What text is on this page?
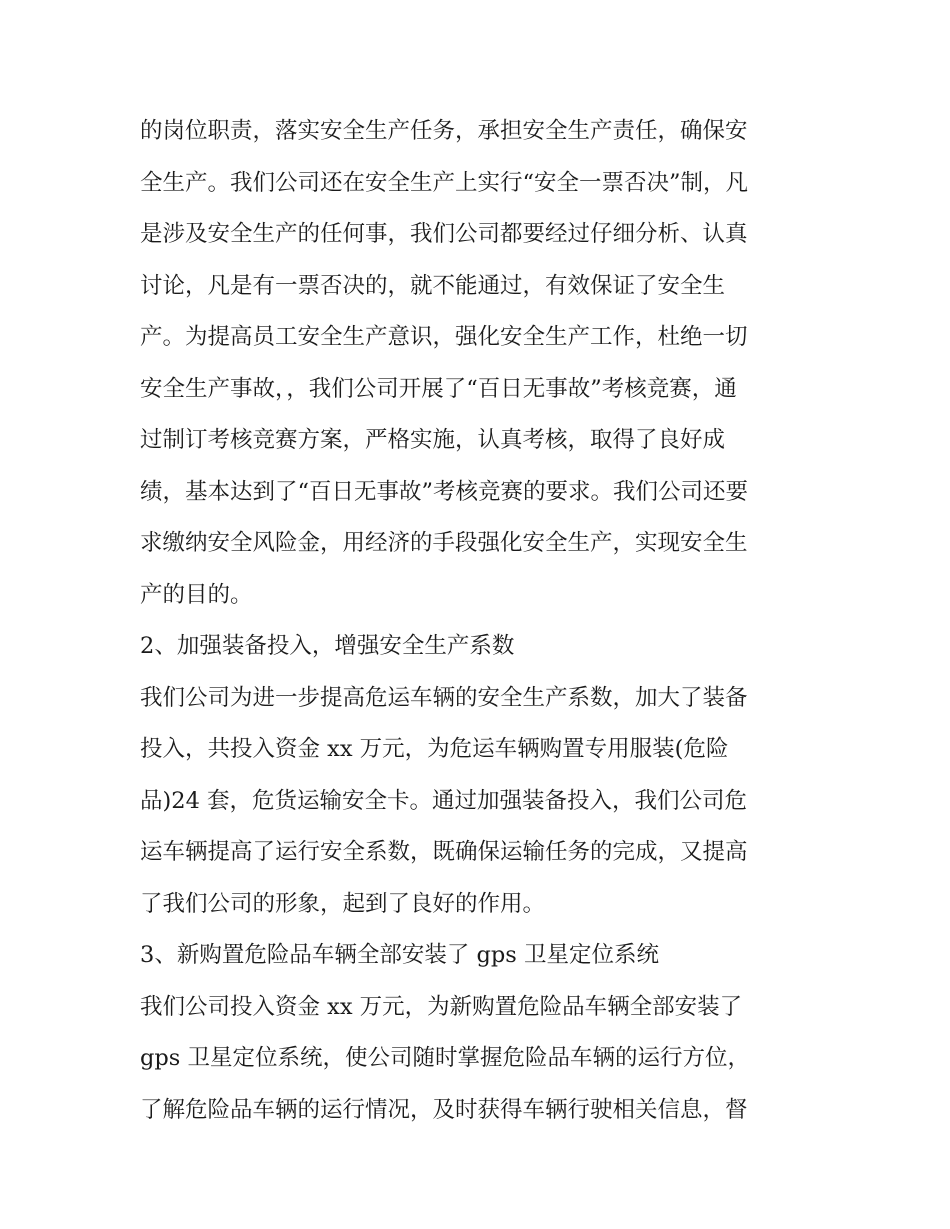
的岗位职责，落实安全生产任务，承担安全生产责任，确保安
全生产。我们公司还在安全生产上实行“安全一票否决”制，凡
是涉及安全生产的任何事，我们公司都要经过仔细分析、认真
讨论，凡是有一票否决的，就不能通过，有效保证了安全生
产。为提高员工安全生产意识，强化安全生产工作，杜绝一切
安全生产事故，，我们公司开展了“百日无事故”考核竞赛，通
过制订考核竞赛方案，严格实施，认真考核，取得了良好成
绩，基本达到了“百日无事故”考核竞赛的要求。我们公司还要
求缴纳安全风险金，用经济的手段强化安全生产，实现安全生
产的目的。
2、加强装备投入，增强安全生产系数
我们公司为进一步提高危运车辆的安全生产系数，加大了装备
投入，共投入资金 xx 万元，为危运车辆购置专用服装(危险
品)24 套，危货运输安全卡。通过加强装备投入，我们公司危
运车辆提高了运行安全系数，既确保运输任务的完成，又提高
了我们公司的形象，起到了良好的作用。
3、新购置危险品车辆全部安装了 gps 卫星定位系统
我们公司投入资金 xx 万元，为新购置危险品车辆全部安装了
gps 卫星定位系统，使公司随时掌握危险品车辆的运行方位，
了解危险品车辆的运行情况，及时获得车辆行驶相关信息，督
